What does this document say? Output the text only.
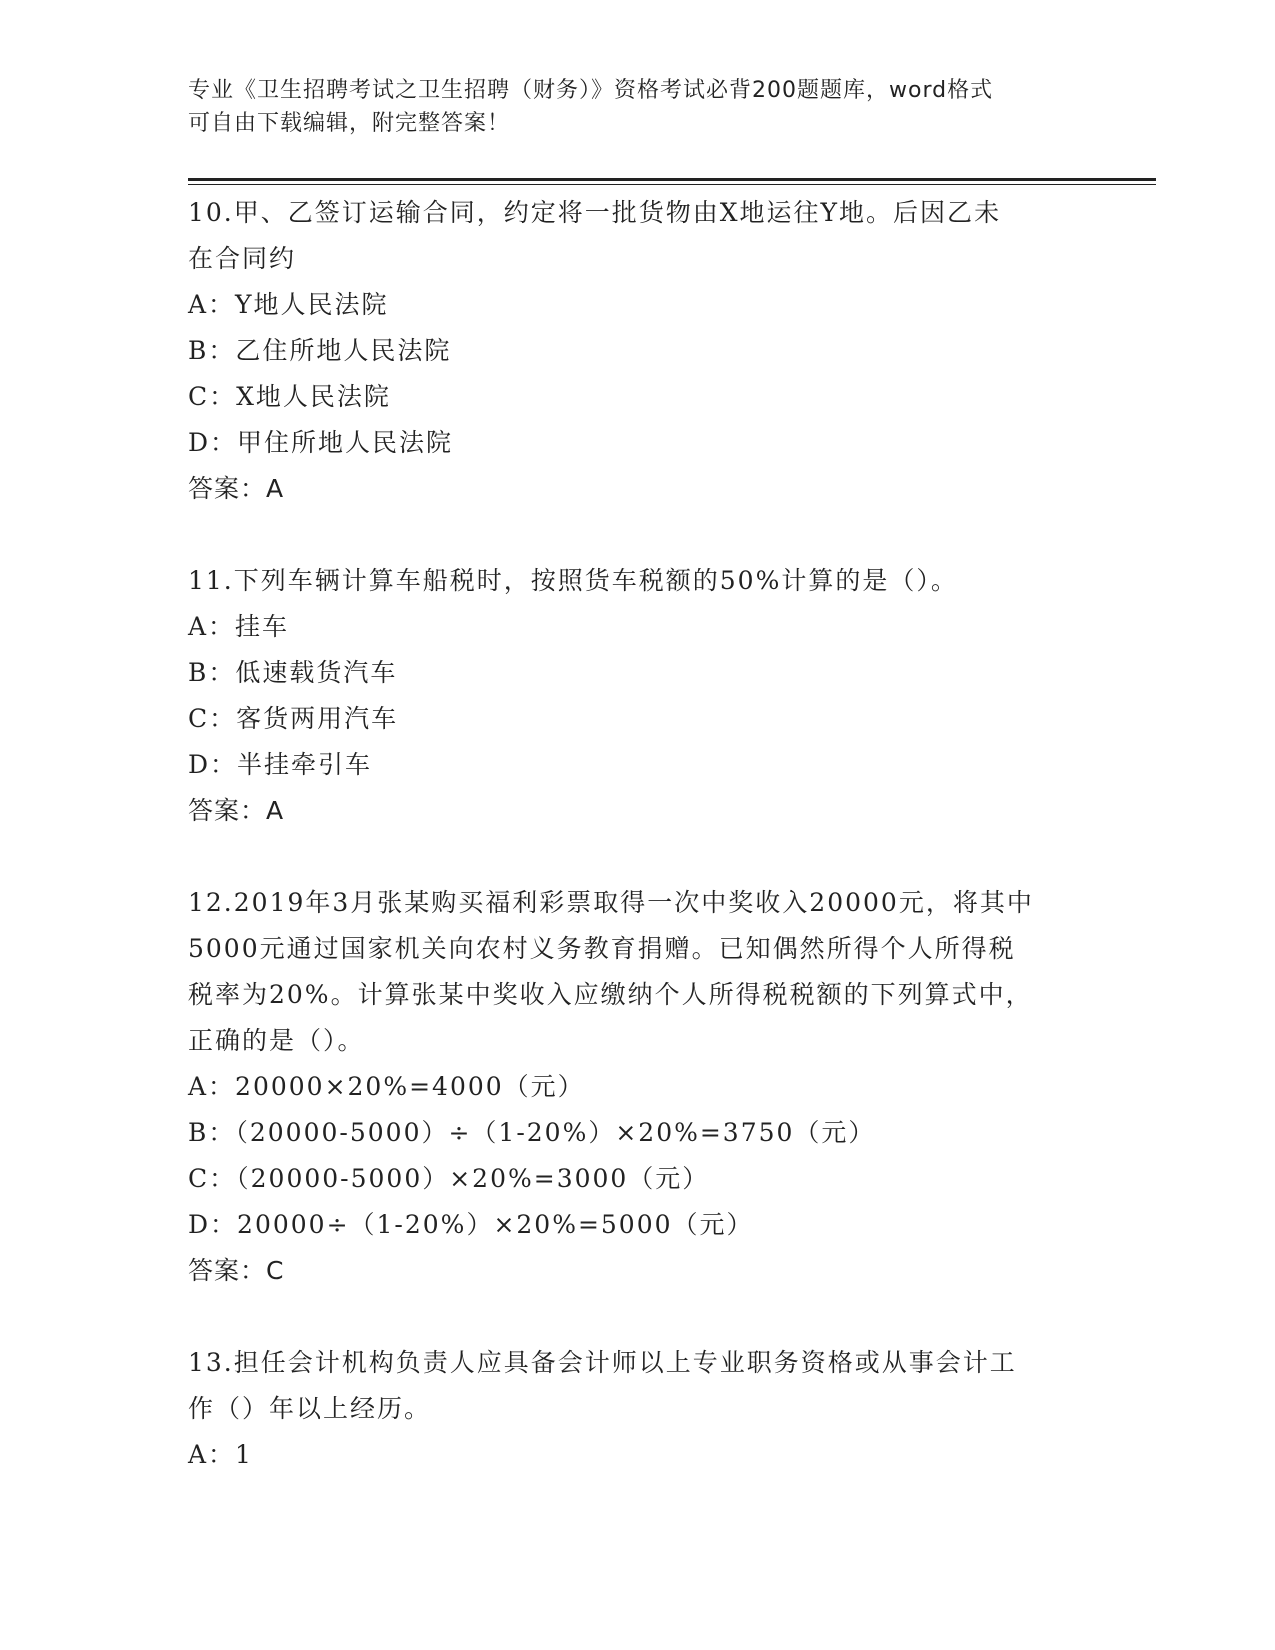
专业《卫生招聘考试之卫生招聘（财务）》资格考试必背200题题库，word格式
可自由下载编辑，附完整答案！

10.甲、乙签订运输合同，约定将一批货物由X地运往Y地。后因乙未

在合同约

A：Y地人民法院

B：乙住所地人民法院

C：X地人民法院

D：甲住所地人民法院

答案：A

11.下列车辆计算车船税时，按照货车税额的50%计算的是（）。

A：挂车

B：低速载货汽车

C：客货两用汽车

D：半挂牵引车

答案：A

12.2019年3月张某购买福利彩票取得一次中奖收入20000元，将其中

5000元通过国家机关向农村义务教育捐赠。已知偶然所得个人所得税

税率为20%。计算张某中奖收入应缴纳个人所得税税额的下列算式中，

正确的是（）。

A：20000×20%=4000（元）

B：（20000-5000）÷（1-20%）×20%=3750（元）

C：（20000-5000）×20%=3000（元）

D：20000÷（1-20%）×20%=5000（元）

答案：C

13.担任会计机构负责人应具备会计师以上专业职务资格或从事会计工

作（）年以上经历。

A：1
